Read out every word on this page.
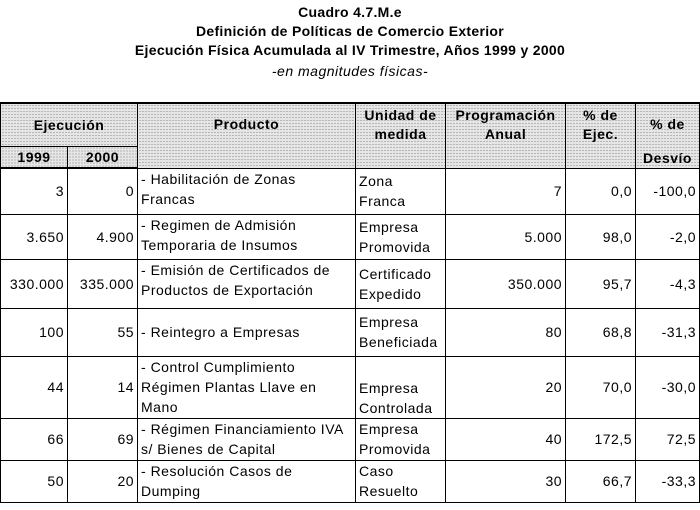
Cuadro 4.7.M.e
Definición de Políticas de Comercio Exterior
Ejecución Física Acumulada al IV Trimestre, Años 1999 y 2000
-en magnitudes físicas-
Ejecución		Producto	Unidad de medida	Programación Anual	% de Ejec.	% de
Desvío

1999	2000					
3	0	- Habilitación de Zonas Francas	Zona Franca	7	0,0	-100,0
3.650	4.900	- Regimen de Admisión Temporaria de Insumos	Empresa Promovida	5.000	98,0	-2,0
330.000	335.000	- Emisión de Certificados de Productos de Exportación	Certificado Expedido	350.000	95,7	-4,3
100	55	- Reintegro a Empresas	Empresa Beneficiada	80	68,8	-31,3
44	14	- Control Cumplimiento Régimen Plantas Llave en Mano	Empresa Controlada	20	70,0	-30,0
66	69	- Régimen Financiamiento IVA s/ Bienes de Capital	Empresa Promovida	40	172,5	72,5
50	20	- Resolución Casos de Dumping	Caso Resuelto	30	66,7	-33,3
